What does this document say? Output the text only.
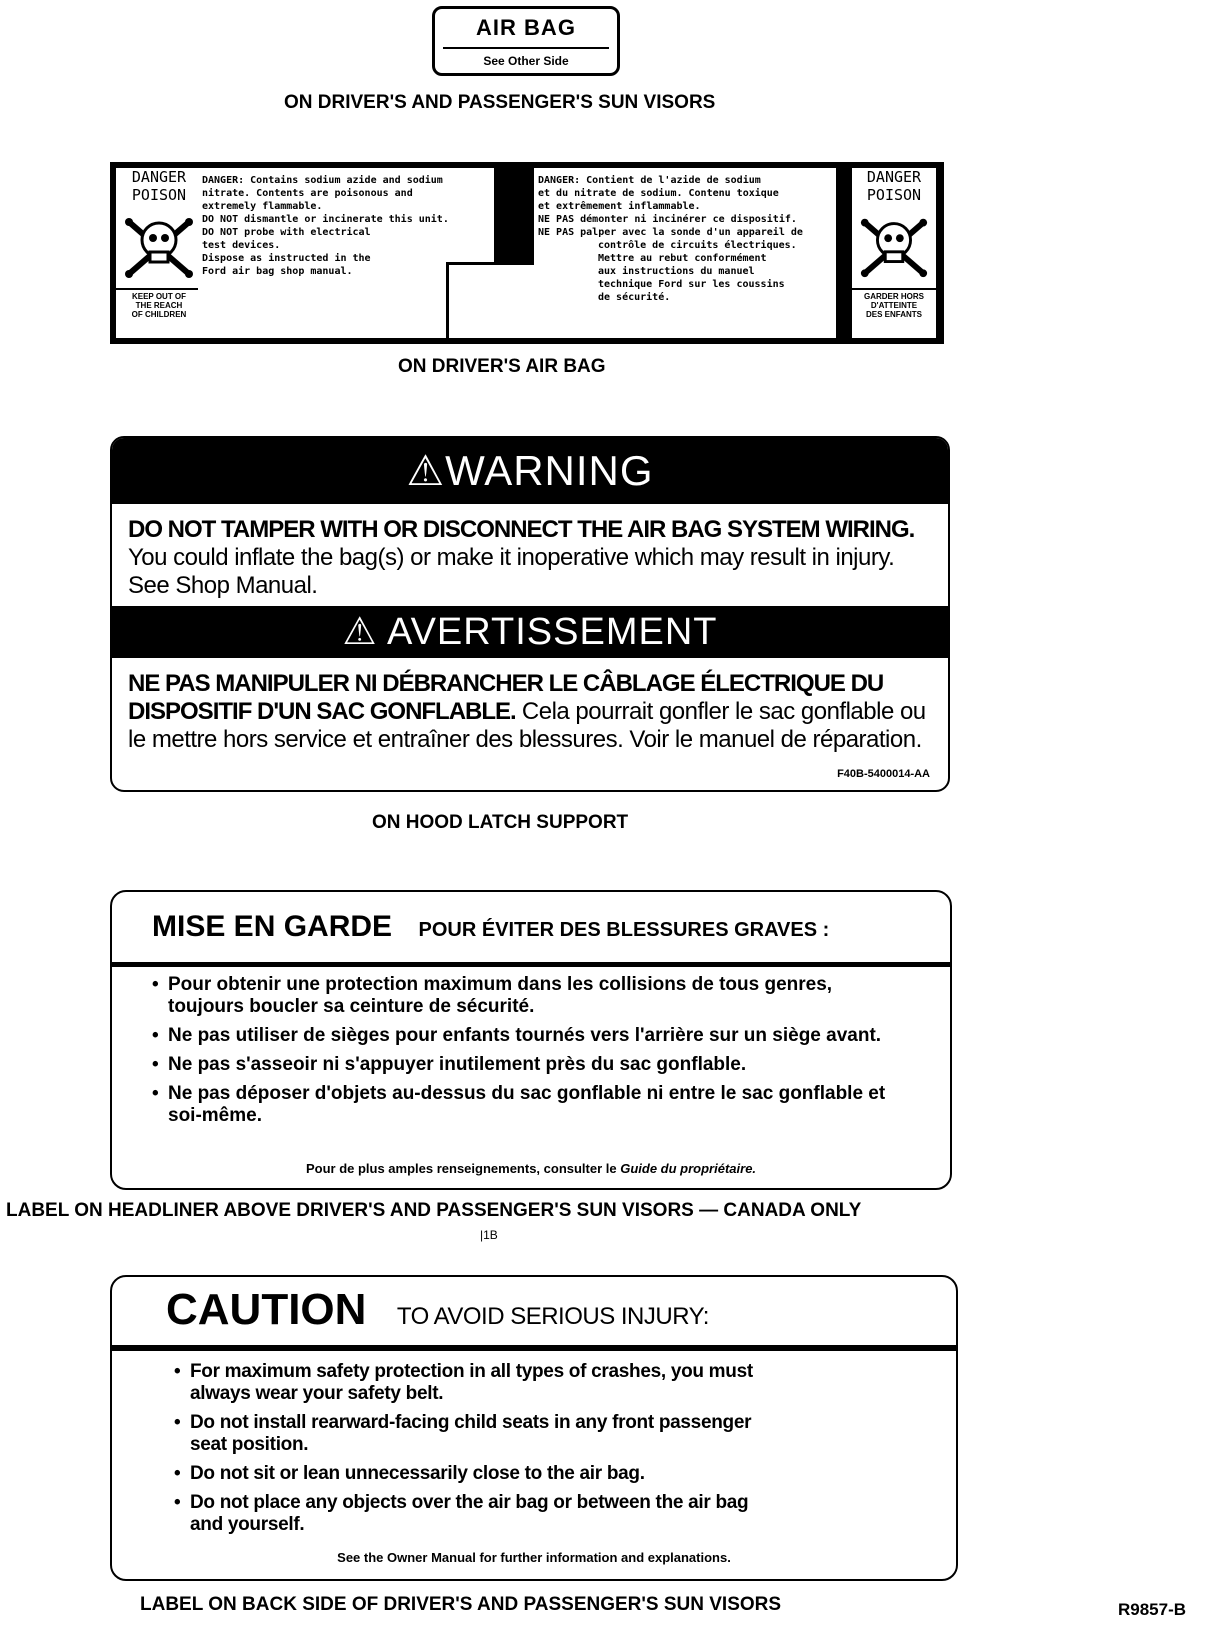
AIR BAG
See Other Side
ON DRIVER'S AND PASSENGER'S SUN VISORS
DANGER
POISON
KEEP OUT OF
THE REACH
OF CHILDREN

DANGER: Contains sodium azide and sodium

nitrate. Contents are poisonous and

extremely flammable.

DO NOT dismantle or incinerate this unit.

DO NOT probe with electrical

test devices.

Dispose as instructed in the

Ford air bag shop manual.

DANGER: Contient de l'azide de sodium

et du nitrate de sodium. Contenu toxique

et extrêmement inflammable.

NE PAS démonter ni incinérer ce dispositif.

NE PAS palper avec la sonde d'un appareil de

contrôle de circuits électriques.

Mettre au rebut conformément

aux instructions du manuel

technique Ford sur les coussins

de sécurité.

DANGER
POISON
GARDER HORS
D'ATTEINTE
DES ENFANTS
ON DRIVER'S AIR BAG
⚠WARNING
DO NOT TAMPER WITH OR DISCONNECT THE AIR BAG SYSTEM WIRING. You could inflate the bag(s) or make it inoperative which may result in injury. See Shop Manual.
⚠ AVERTISSEMENT
NE PAS MANIPULER NI DÉBRANCHER LE CÂBLAGE ÉLECTRIQUE DU DISPOSITIF D'UN SAC GONFLABLE. Cela pourrait gonfler le sac gonflable ou le mettre hors service et entraîner des blessures. Voir le manuel de réparation.
F40B-5400014-AA
ON HOOD LATCH SUPPORT
MISE EN GARDE POUR ÉVITER DES BLESSURES GRAVES :
• Pour obtenir une protection maximum dans les collisions de tous genres, toujours boucler sa ceinture de sécurité.
• Ne pas utiliser de sièges pour enfants tournés vers l'arrière sur un siège avant.
• Ne pas s'asseoir ni s'appuyer inutilement près du sac gonflable.
• Ne pas déposer d'objets au-dessus du sac gonflable ni entre le sac gonflable et soi-même.
Pour de plus amples renseignements, consulter le Guide du propriétaire.
LABEL ON HEADLINER ABOVE DRIVER'S AND PASSENGER'S SUN VISORS — CANADA ONLY
|1B
CAUTION TO AVOID SERIOUS INJURY:
• For maximum safety protection in all types of crashes, you must always wear your safety belt.
• Do not install rearward-facing child seats in any front passenger seat position.
• Do not sit or lean unnecessarily close to the air bag.
• Do not place any objects over the air bag or between the air bag and yourself.
See the Owner Manual for further information and explanations.
LABEL ON BACK SIDE OF DRIVER'S AND PASSENGER'S SUN VISORS	R9857-B
